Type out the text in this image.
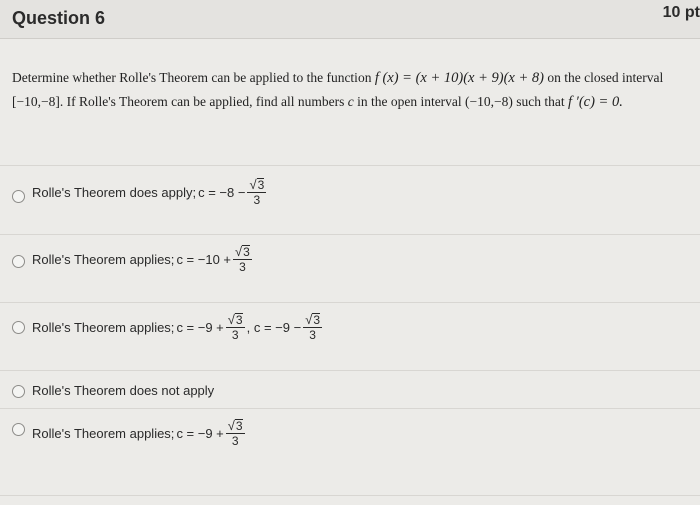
Question 6	10 pt
Determine whether Rolle's Theorem can be applied to the function f (x) = (x + 10)(x + 9)(x + 8) on the closed interval
[−10,−8]. If Rolle's Theorem can be applied, find all numbers c in the open interval (−10,−8) such that f ′(c) = 0.
Rolle's Theorem does apply; $c = -8 - \frac{√ 3}{3}$
Rolle's Theorem applies; $c = -10 + \frac{√ 3}{3}$
Rolle's Theorem applies; $c = -9 + \frac{√ 3}{3}$ , $c = -9 - \frac{√ 3}{3}$
Rolle's Theorem does not apply
Rolle's Theorem applies; $c = -9 + \frac{√ 3}{3}$
